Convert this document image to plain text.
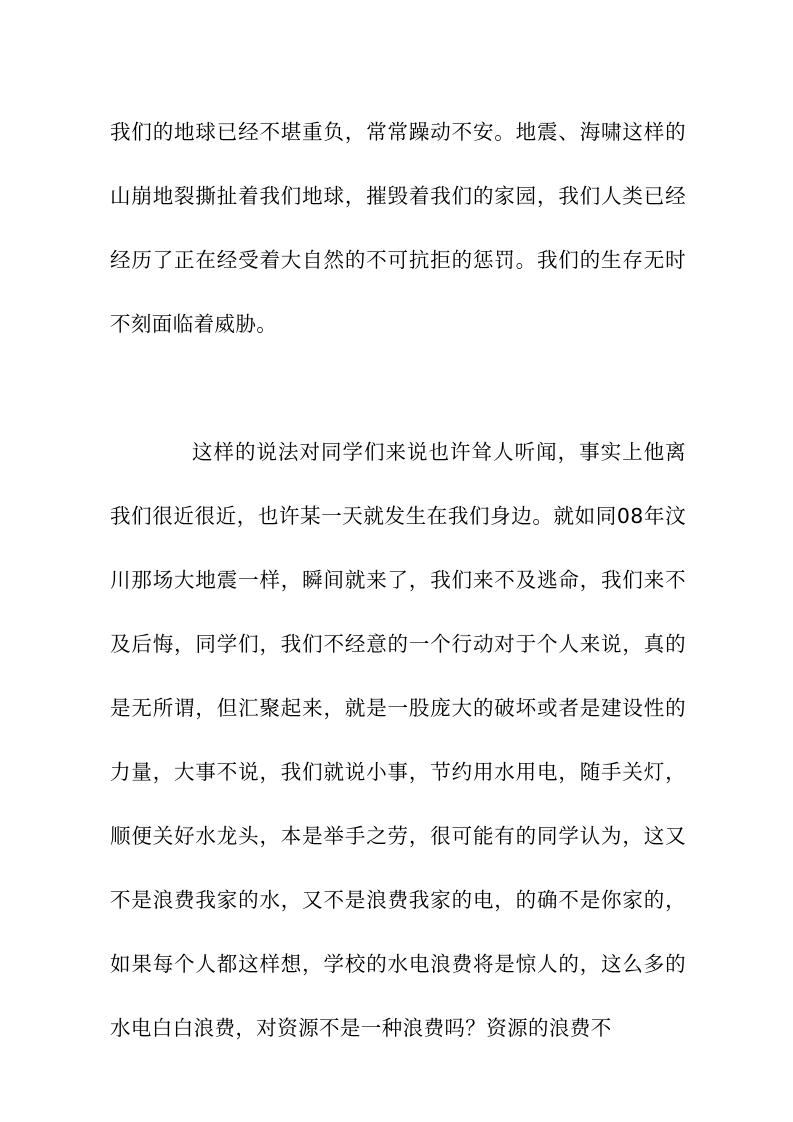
我们的地球已经不堪重负，常常躁动不安。地震、海啸这样的山崩地裂撕扯着我们地球，摧毁着我们的家园，我们人类已经经历了正在经受着大自然的不可抗拒的惩罚。我们的生存无时不刻面临着威胁。

这样的说法对同学们来说也许耸人听闻，事实上他离我们很近很近，也许某一天就发生在我们身边。就如同08年汶川那场大地震一样，瞬间就来了，我们来不及逃命，我们来不及后悔，同学们，我们不经意的一个行动对于个人来说，真的是无所谓，但汇聚起来，就是一股庞大的破坏或者是建设性的力量，大事不说，我们就说小事，节约用水用电，随手关灯，顺便关好水龙头，本是举手之劳，很可能有的同学认为，这又不是浪费我家的水，又不是浪费我家的电，的确不是你家的，如果每个人都这样想，学校的水电浪费将是惊人的，这么多的水电白白浪费，对资源不是一种浪费吗？资源的浪费不
